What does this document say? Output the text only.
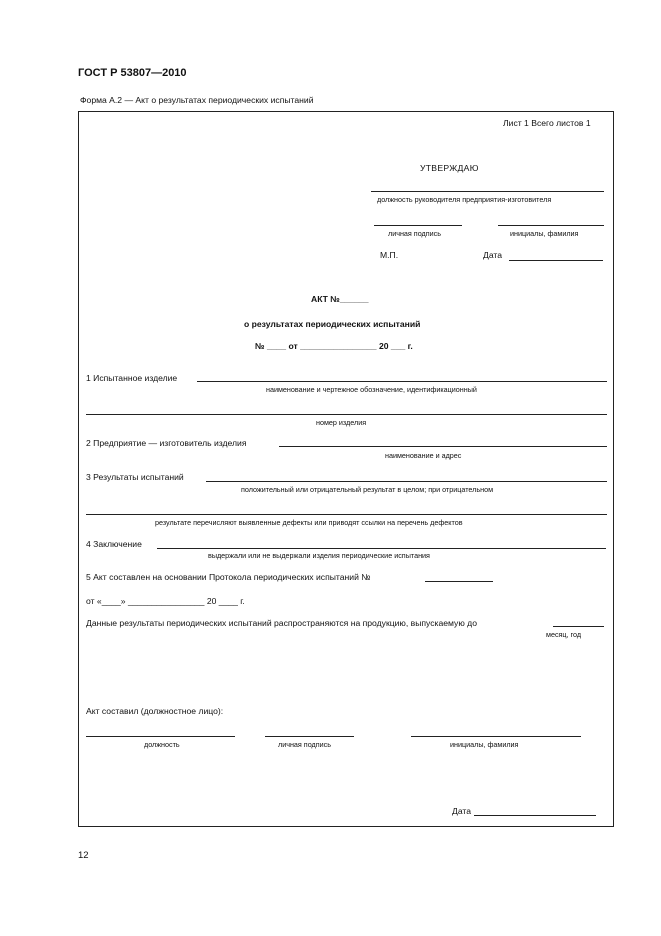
ГОСТ Р 53807—2010
Форма А.2 — Акт о результатах периодических испытаний
Лист 1 Всего листов 1
УТВЕРЖДАЮ
должность руководителя предприятия-изготовителя
личная подпись	инициалы, фамилия
М.П.	Дата
АКТ №______
о результатах периодических испытаний
№ ____ от ________________ 20 ___ г.
1 Испытанное изделие
наименование и чертежное обозначение, идентификационный
номер изделия
2 Предприятие — изготовитель изделия
наименование и адрес
3 Результаты испытаний
положительный или отрицательный результат в целом; при отрицательном
результате перечисляют выявленные дефекты или приводят ссылки на перечень дефектов
4 Заключение
выдержали или не выдержали изделия периодические испытания
5 Акт составлен на основании Протокола периодических испытаний №
от «____» ________________ 20 ____ г.
Данные результаты периодических испытаний распространяются на продукцию, выпускаемую до
месяц, год
Акт составил (должностное лицо):
должность	личная подпись	инициалы, фамилия
Дата
12
